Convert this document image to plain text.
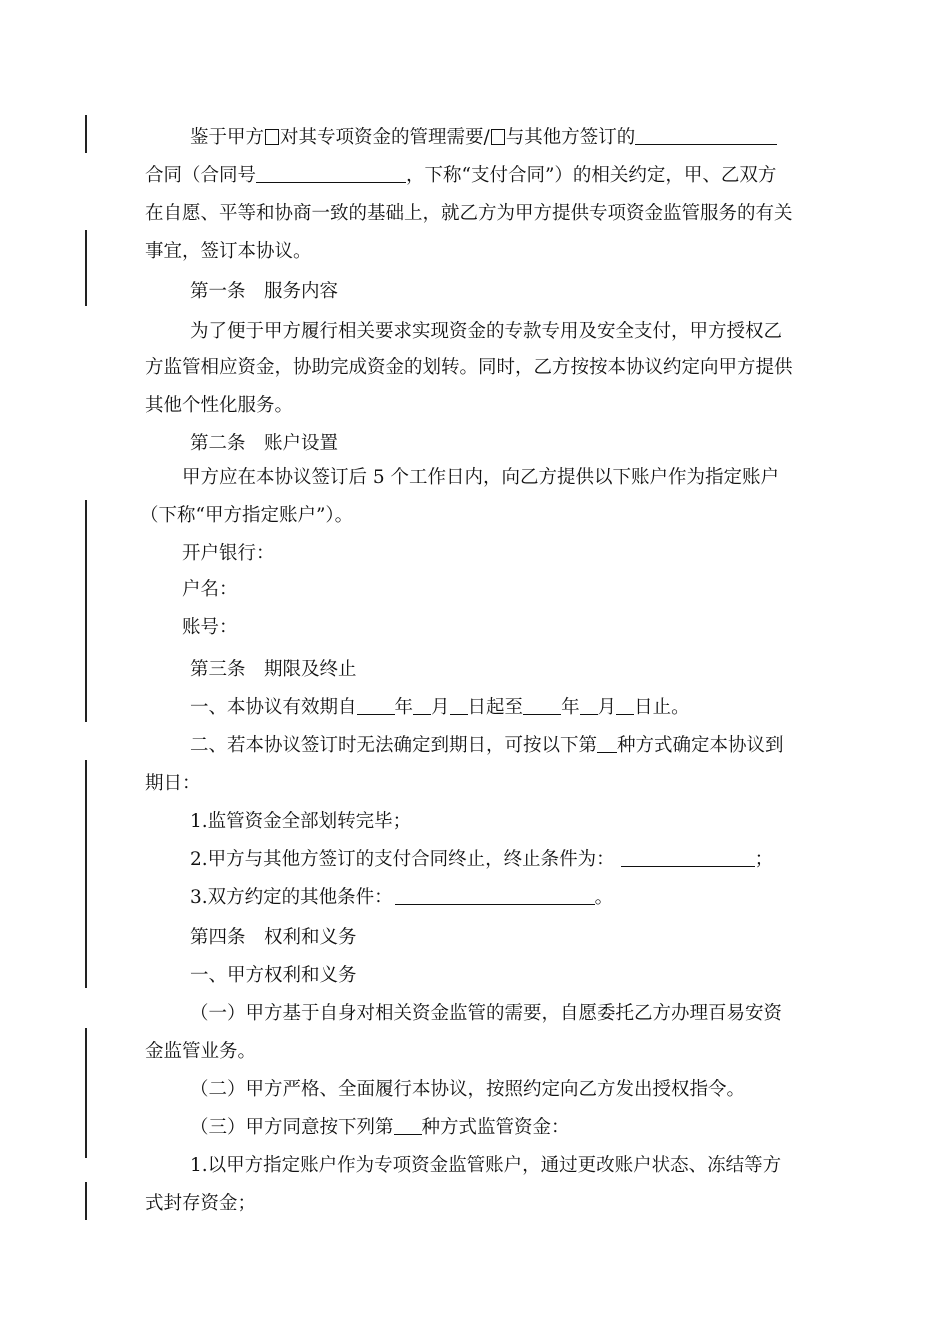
鉴于甲方 对其专项资金的管理需要/ 与其他方签订的
合同（合同号	，下称“支付合同”）的相关约定，甲、乙双方
在自愿、平等和协商一致的基础上，就乙方为甲方提供专项资金监管服务的有关
事宜，签订本协议。
第一条　服务内容
为了便于甲方履行相关要求实现资金的专款专用及安全支付，甲方授权乙
方监管相应资金，协助完成资金的划转。同时，乙方按按本协议约定向甲方提供
其他个性化服务。
第二条　账户设置
甲方应在本协议签订后 5 个工作日内，向乙方提供以下账户作为指定账户
（下称“甲方指定账户”）。
开户银行：
户名：
账号：
第三条　期限及终止
一、本协议有效期自 年 月 日起至 年 月 日止。
二、若本协议签订时无法确定到期日，可按以下第 种方式确定本协议到
期日：
1.监管资金全部划转完毕；
2.甲方与其他方签订的支付合同终止，终止条件为：	；
3.双方约定的其他条件：	。
第四条　权利和义务
一、甲方权利和义务
（一）甲方基于自身对相关资金监管的需要，自愿委托乙方办理百易安资
金监管业务。
（二）甲方严格、全面履行本协议，按照约定向乙方发出授权指令。
（三）甲方同意按下列第 种方式监管资金：
1.以甲方指定账户作为专项资金监管账户，通过更改账户状态、冻结等方
式封存资金；
